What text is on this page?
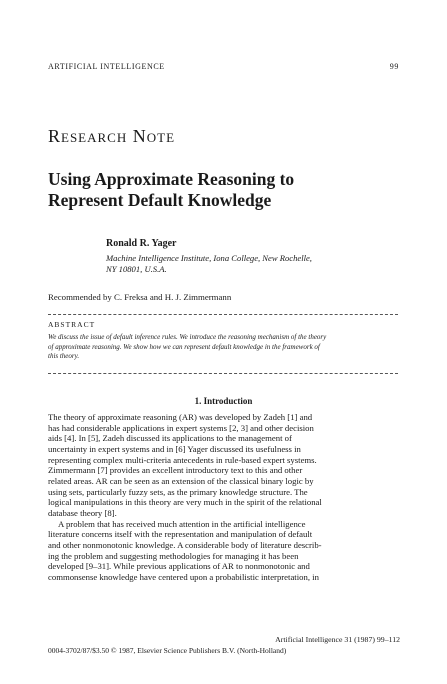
ARTIFICIAL INTELLIGENCE	99
Research Note
Using Approximate Reasoning to
Represent Default Knowledge
Ronald R. Yager
Machine Intelligence Institute, Iona College, New Rochelle,
NY 10801, U.S.A.
Recommended by C. Freksa and H. J. Zimmermann
ABSTRACT
We discuss the issue of default inference rules. We introduce the reasoning mechanism of the theory
of approximate reasoning. We show how we can represent default knowledge in the framework of
this theory.
1. Introduction
The theory of approximate reasoning (AR) was developed by Zadeh [1] and
has had considerable applications in expert systems [2, 3] and other decision
aids [4]. In [5], Zadeh discussed its applications to the management of
uncertainty in expert systems and in [6] Yager discussed its usefulness in
representing complex multi-criteria antecedents in rule-based expert systems.
Zimmermann [7] provides an excellent introductory text to this and other
related areas. AR can be seen as an extension of the classical binary logic by
using sets, particularly fuzzy sets, as the primary knowledge structure. The
logical manipulations in this theory are very much in the spirit of the relational
database theory [8].
A problem that has received much attention in the artificial intelligence
literature concerns itself with the representation and manipulation of default
and other nonmonotonic knowledge. A considerable body of literature describ-
ing the problem and suggesting methodologies for managing it has been
developed [9–31]. While previous applications of AR to nonmonotonic and
commonsense knowledge have centered upon a probabilistic interpretation, in
Artificial Intelligence 31 (1987) 99–112
0004-3702/87/$3.50 © 1987, Elsevier Science Publishers B.V. (North-Holland)
